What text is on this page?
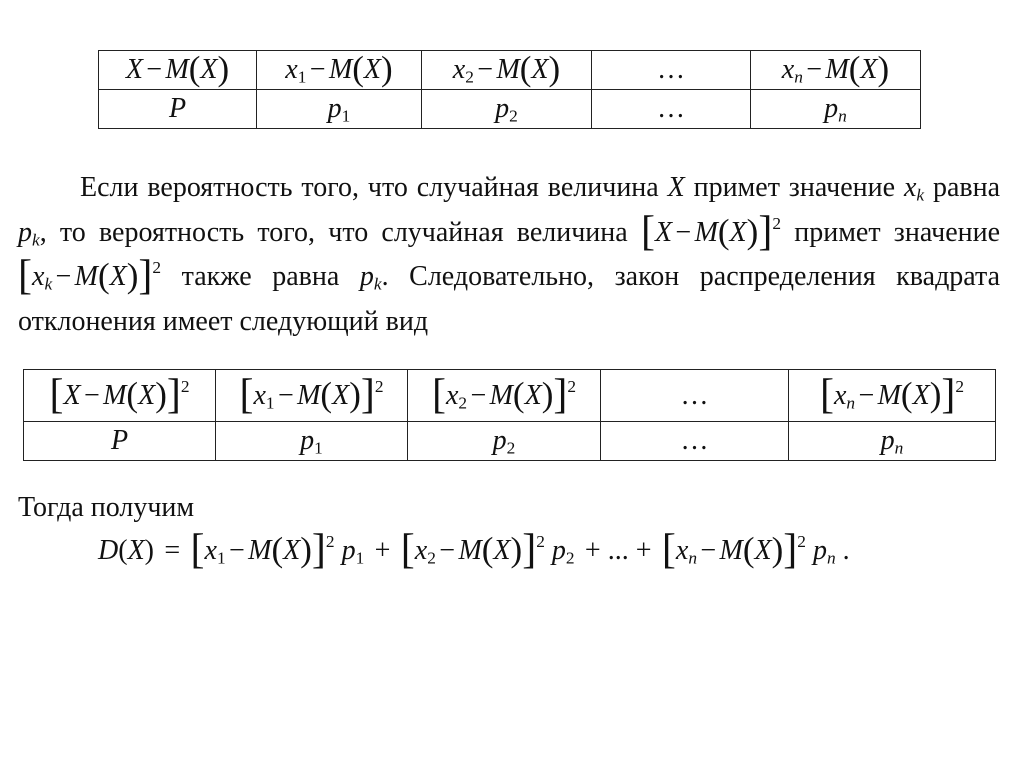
X − M(X)	$x_1 - M(X)$	$x_2 - M(X)$	…	$x_n - M(X)$
P	$p_1$	$p_2$	…	$p_n$

Если вероятность того, что случайная величина X примет значение $x_k$ равна $p_k$, то вероятность того, что случайная величина $[X - M(X)]^2$ примет значение $[x_k - M(X)]^2$ также равна $p_k$. Следовательно, закон распределения квадрата отклонения имеет следующий вид

$[X - M(X)]^2$	$[x_1 - M(X)]^2$	$[x_2 - M(X)]^2$	…	$[x_n - M(X)]^2$
P	$p_1$	$p_2$	…	$p_n$

Тогда получим

$D(X) = [x_1 - M(X)]^2$ $p_1 + [x_2 - M(X)]^2$ $p_2$ + ... + $[x_n - M(X)]^2$ $p_n$ .
